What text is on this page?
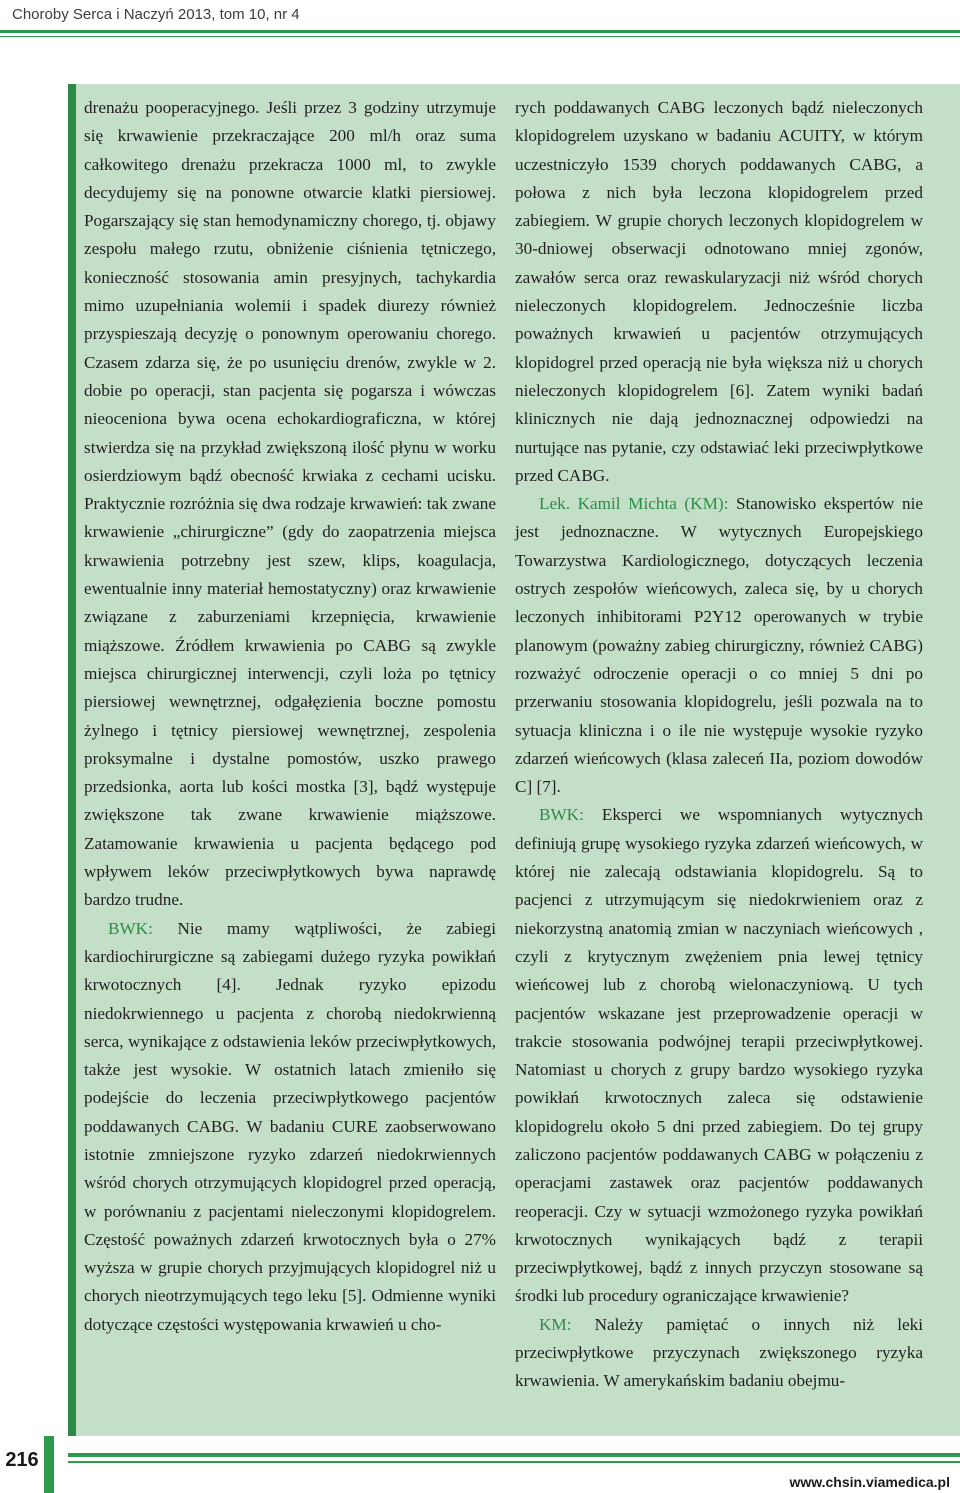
Choroby Serca i Naczyń 2013, tom 10, nr 4

drenażu pooperacyjnego. Jeśli przez 3 godziny utrzymuje się krwawienie przekraczające 200 ml/h oraz suma całkowitego drenażu przekracza 1000 ml, to zwykle decydujemy się na ponowne otwarcie klatki piersiowej. Pogarszający się stan hemodynamiczny chorego, tj. objawy zespołu małego rzutu, obniżenie ciśnienia tętniczego, konieczność stosowania amin presyjnych, tachykardia mimo uzupełniania wolemii i spadek diurezy również przyspieszają decyzję o ponownym operowaniu chorego. Czasem zdarza się, że po usunięciu drenów, zwykle w 2. dobie po operacji, stan pacjenta się pogarsza i wówczas nieoceniona bywa ocena echokardiograficzna, w której stwierdza się na przykład zwiększoną ilość płynu w worku osierdziowym bądź obecność krwiaka z cechami ucisku. Praktycznie rozróżnia się dwa rodzaje krwawień: tak zwane krwawienie „chirurgiczne” (gdy do zaopatrzenia miejsca krwawienia potrzebny jest szew, klips, koagulacja, ewentualnie inny materiał hemostatyczny) oraz krwawienie związane z zaburzeniami krzepnięcia, krwawienie miąższowe. Źródłem krwawienia po CABG są zwykle miejsca chirurgicznej interwencji, czyli loża po tętnicy piersiowej wewnętrznej, odgałęzienia boczne pomostu żylnego i tętnicy piersiowej wewnętrznej, zespolenia proksymalne i dystalne pomostów, uszko prawego przedsionka, aorta lub kości mostka [3], bądź występuje zwiększone tak zwane krwawienie miąższowe. Zatamowanie krwawienia u pacjenta będącego pod wpływem leków przeciwpłytkowych bywa naprawdę bardzo trudne.

BWK: Nie mamy wątpliwości, że zabiegi kardiochirurgiczne są zabiegami dużego ryzyka powikłań krwotocznych [4]. Jednak ryzyko epizodu niedokrwiennego u pacjenta z chorobą niedokrwienną serca, wynikające z odstawienia leków przeciwpłytkowych, także jest wysokie. W ostatnich latach zmieniło się podejście do leczenia przeciwpłytkowego pacjentów poddawanych CABG. W badaniu CURE zaobserwowano istotnie zmniejszone ryzyko zdarzeń niedokrwiennych wśród chorych otrzymujących klopidogrel przed operacją, w porównaniu z pacjentami nieleczonymi klopidogrelem. Częstość poważnych zdarzeń krwotocznych była o 27% wyższa w grupie chorych przyjmujących klopidogrel niż u chorych nieotrzymujących tego leku [5]. Odmienne wyniki dotyczące częstości występowania krwawień u cho-

rych poddawanych CABG leczonych bądź nieleczonych klopidogrelem uzyskano w badaniu ACUITY, w którym uczestniczyło 1539 chorych poddawanych CABG, a połowa z nich była leczona klopidogrelem przed zabiegiem. W grupie chorych leczonych klopidogrelem w 30-dniowej obserwacji odnotowano mniej zgonów, zawałów serca oraz rewaskularyzacji niż wśród chorych nieleczonych klopidogrelem. Jednocześnie liczba poważnych krwawień u pacjentów otrzymujących klopidogrel przed operacją nie była większa niż u chorych nieleczonych klopidogrelem [6]. Zatem wyniki badań klinicznych nie dają jednoznacznej odpowiedzi na nurtujące nas pytanie, czy odstawiać leki przeciwpłytkowe przed CABG.

Lek. Kamil Michta (KM): Stanowisko ekspertów nie jest jednoznaczne. W wytycznych Europejskiego Towarzystwa Kardiologicznego, dotyczących leczenia ostrych zespołów wieńcowych, zaleca się, by u chorych leczonych inhibitorami P2Y12 operowanych w trybie planowym (poważny zabieg chirurgiczny, również CABG) rozważyć odroczenie operacji o co mniej 5 dni po przerwaniu stosowania klopidogrelu, jeśli pozwala na to sytuacja kliniczna i o ile nie występuje wysokie ryzyko zdarzeń wieńcowych (klasa zaleceń IIa, poziom dowodów C] [7].

BWK: Eksperci we wspomnianych wytycznych definiują grupę wysokiego ryzyka zdarzeń wieńcowych, w której nie zalecają odstawiania klopidogrelu. Są to pacjenci z utrzymującym się niedokrwieniem oraz z niekorzystną anatomią zmian w naczyniach wieńcowych , czyli z krytycznym zwężeniem pnia lewej tętnicy wieńcowej lub z chorobą wielonaczyniową. U tych pacjentów wskazane jest przeprowadzenie operacji w trakcie stosowania podwójnej terapii przeciwpłytkowej. Natomiast u chorych z grupy bardzo wysokiego ryzyka powikłań krwotocznych zaleca się odstawienie klopidogrelu około 5 dni przed zabiegiem. Do tej grupy zaliczono pacjentów poddawanych CABG w połączeniu z operacjami zastawek oraz pacjentów poddawanych reoperacji. Czy w sytuacji wzmożonego ryzyka powikłań krwotocznych wynikających bądź z terapii przeciwpłytkowej, bądź z innych przyczyn stosowane są środki lub procedury ograniczające krwawienie?

KM: Należy pamiętać o innych niż leki przeciwpłytkowe przyczynach zwiększonego ryzyka krwawienia. W amerykańskim badaniu obejmu-

216
www.chsin.viamedica.pl
